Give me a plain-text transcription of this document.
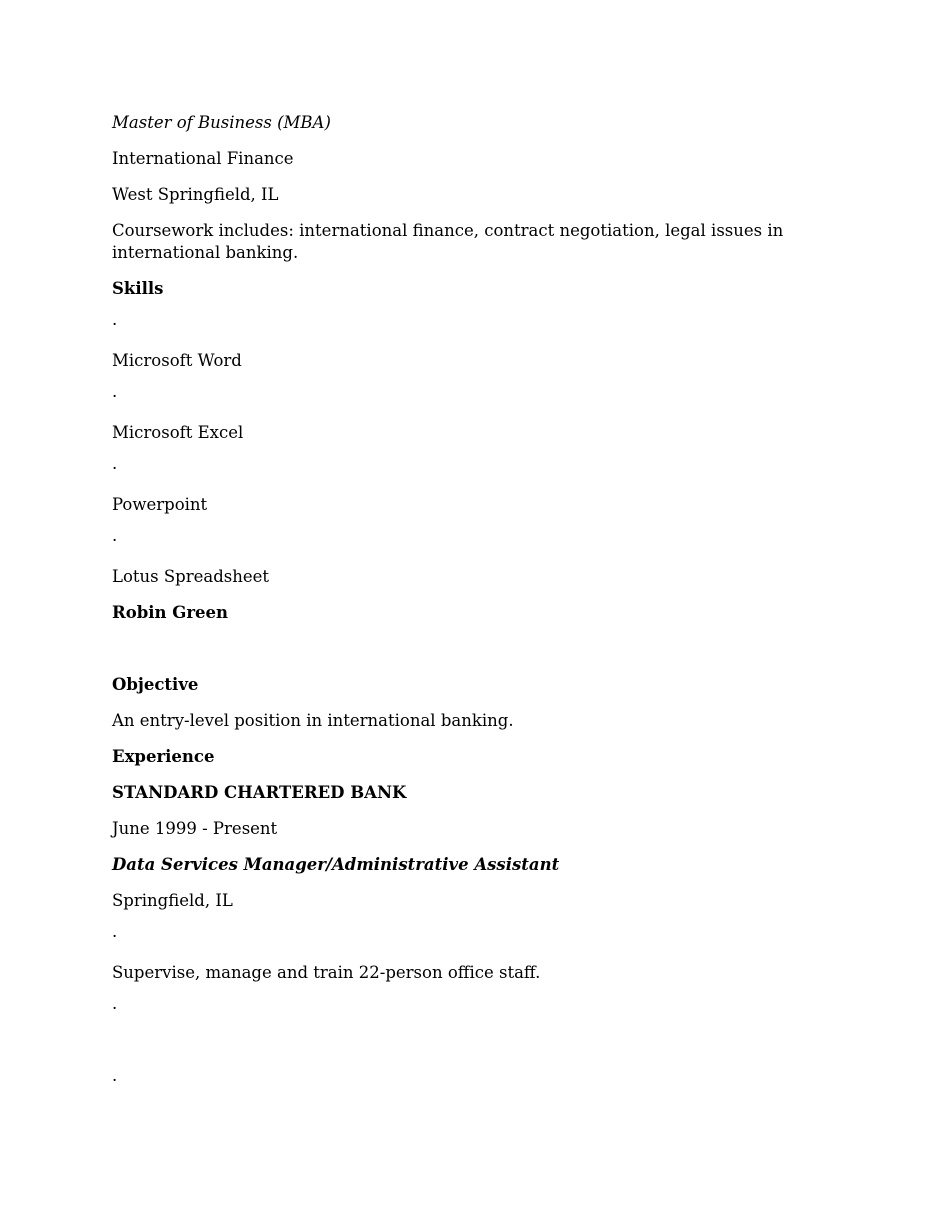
Master of Business (MBA)
International Finance
West Springfield, IL
Coursework includes: international finance, contract negotiation, legal issues in international banking.
Skills
·
Microsoft Word
·
Microsoft Excel
·
Powerpoint
·
Lotus Spreadsheet
Robin Green
Objective
An entry-level position in international banking.
Experience
STANDARD CHARTERED BANK
June 1999 - Present
Data Services Manager/Administrative Assistant
Springfield, IL
·
Supervise, manage and train 22-person office staff.
·
·
